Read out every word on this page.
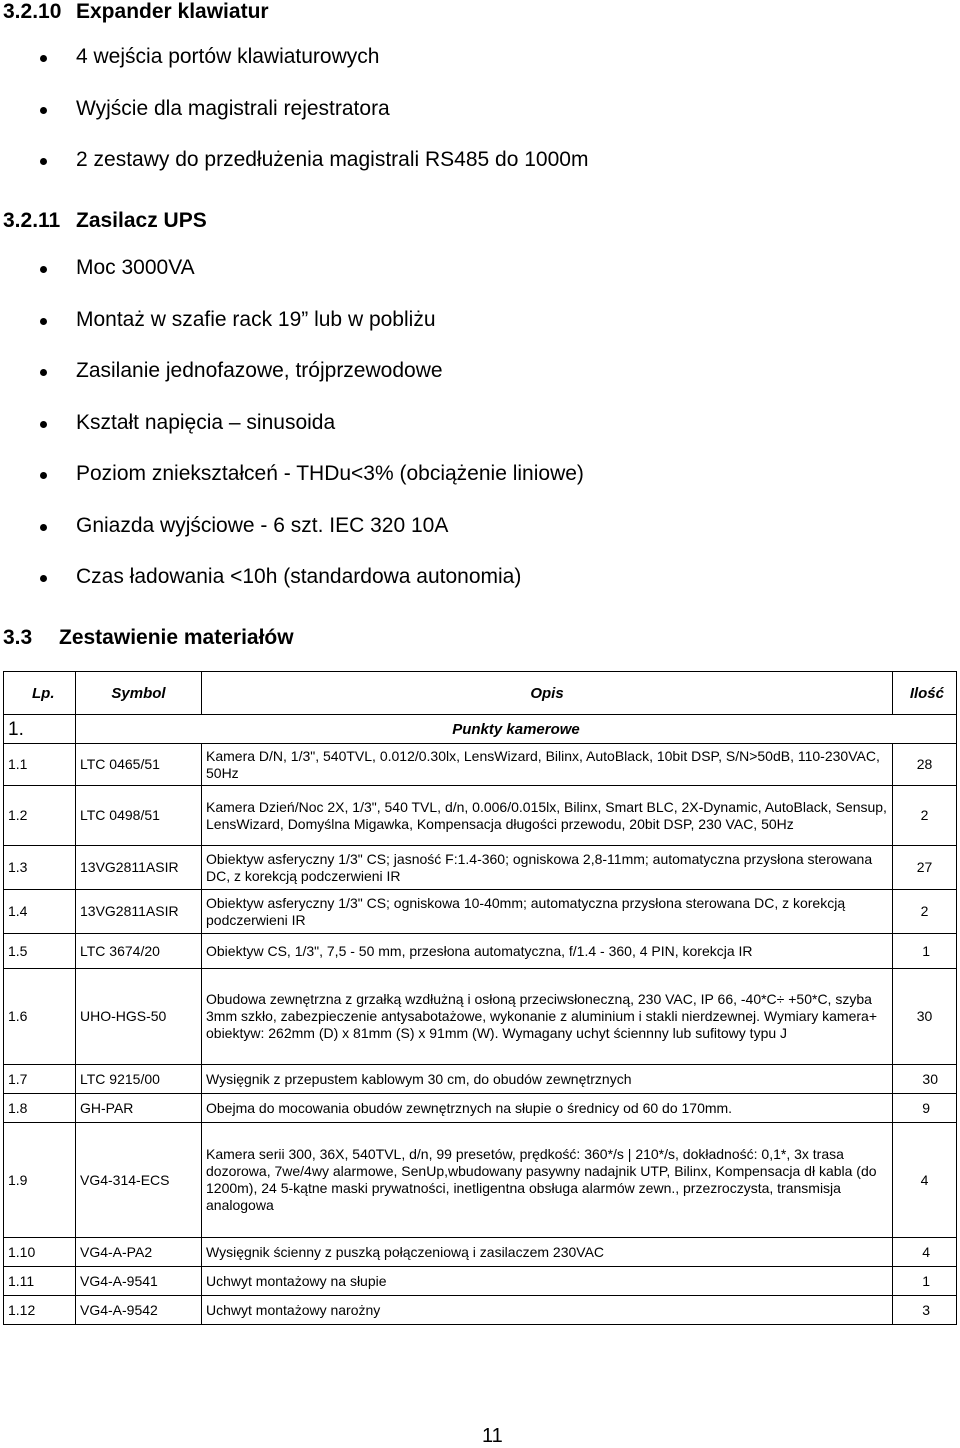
3.2.10 Expander klawiatur
4 wejścia portów klawiaturowych
Wyjście dla magistrali rejestratora
2 zestawy do przedłużenia magistrali RS485 do 1000m
3.2.11 Zasilacz UPS
Moc 3000VA
Montaż w szafie rack 19” lub w pobliżu
Zasilanie jednofazowe, trójprzewodowe
Kształt napięcia – sinusoida
Poziom zniekształceń - THDu<3% (obciążenie liniowe)
Gniazda wyjściowe - 6 szt. IEC 320 10A
Czas ładowania <10h (standardowa autonomia)
3.3 Zestawienie materiałów
Lp.	Symbol	Opis	Ilość
1.	Punkty kamerowe		
1.1	LTC 0465/51	Kamera D/N, 1/3", 540TVL, 0.012/0.30lx, LensWizard, Bilinx, AutoBlack, 10bit DSP, S/N>50dB, 110-230VAC, 50Hz	28
1.2	LTC 0498/51	Kamera Dzień/Noc 2X, 1/3", 540 TVL, d/n, 0.006/0.015lx, Bilinx, Smart BLC, 2X-Dynamic, AutoBlack, Sensup, LensWizard, Domyślna Migawka, Kompensacja długości przewodu, 20bit DSP, 230 VAC, 50Hz	2
1.3	13VG2811ASIR	Obiektyw asferyczny 1/3" CS; jasność F:1.4-360; ogniskowa 2,8-11mm; automatyczna przysłona sterowana DC, z korekcją podczerwieni IR	27
1.4	13VG2811ASIR	Obiektyw asferyczny 1/3" CS; ogniskowa 10-40mm; automatyczna przysłona sterowana DC, z korekcją podczerwieni IR	2
1.5	LTC 3674/20	Obiektyw CS, 1/3", 7,5 - 50 mm, przesłona automatyczna, f/1.4 - 360, 4 PIN, korekcja IR	1
1.6	UHO-HGS-50	Obudowa zewnętrzna z grzałką wzdłużną i osłoną przeciwsłoneczną, 230 VAC, IP 66, -40*C÷ +50*C, szyba 3mm szkło, zabezpieczenie antysabotażowe, wykonanie z aluminium i stakli nierdzewnej. Wymiary kamera+ obiektyw: 262mm (D) x 81mm (S) x 91mm (W). Wymagany uchyt ściennny lub sufitowy typu J	30
1.7	LTC 9215/00	Wysięgnik z przepustem kablowym 30 cm, do obudów zewnętrznych	30
1.8	GH-PAR	Obejma do mocowania obudów zewnętrznych na słupie o średnicy od 60 do 170mm.	9
1.9	VG4-314-ECS	Kamera serii 300, 36X, 540TVL, d/n, 99 presetów, prędkość: 360*/s | 210*/s, dokładność: 0,1*, 3x trasa dozorowa, 7we/4wy alarmowe, SenUp,wbudowany pasywny nadajnik UTP, Bilinx, Kompensacja dł kabla (do 1200m), 24 5-kątne maski prywatności, inetligentna obsługa alarmów zewn., przezroczysta, transmisja analogowa	4
1.10	VG4-A-PA2	Wysięgnik ścienny z puszką połączeniową i zasilaczem 230VAC	4
1.11	VG4-A-9541	Uchwyt montażowy na słupie	1
1.12	VG4-A-9542	Uchwyt montażowy narożny	3
11
